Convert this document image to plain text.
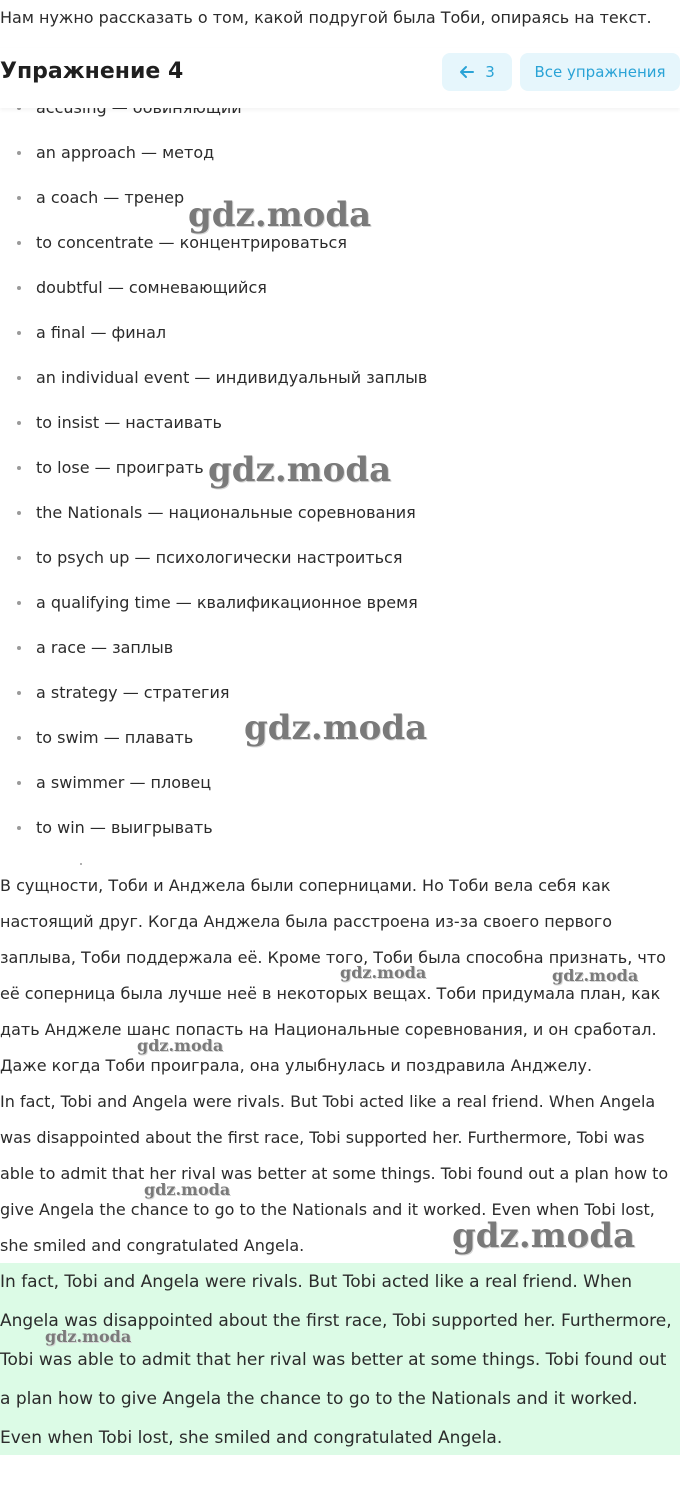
Нам нужно рассказать о том, какой подругой была Тоби, опираясь на текст.
Упражнение 4	3	Все упражнения
an approach — метод
a coach — тренер
to concentrate — концентрироваться
doubtful — сомневающийся
a final — финал
an individual event — индивидуальный заплыв
to insist — настаивать
to lose — проиграть
the Nationals — национальные соревнования
to psych up — психологически настроиться
a qualifying time — квалификационное время
a race — заплыв
a strategy — стратегия
to swim — плавать
a swimmer — пловец
to win — выигрывать

В сущности, Тоби и Анджела были соперницами. Но Тоби вела себя как настоящий друг. Когда Анджела была расстроена из-за своего первого заплыва, Тоби поддержала её. Кроме того, Тоби была способна признать, что её соперница была лучше неё в некоторых вещах. Тоби придумала план, как дать Анджеле шанс попасть на Национальные соревнования, и он сработал. Даже когда Тоби проиграла, она улыбнулась и поздравила Анджелу.

In fact, Tobi and Angela were rivals. But Tobi acted like a real friend. When Angela was disappointed about the first race, Tobi supported her. Furthermore, Tobi was able to admit that her rival was better at some things. Tobi found out a plan how to give Angela the chance to go to the Nationals and it worked. Even when Tobi lost, she smiled and congratulated Angela.

In fact, Tobi and Angela were rivals. But Tobi acted like a real friend. When Angela was disappointed about the first race, Tobi supported her. Furthermore, Tobi was able to admit that her rival was better at some things. Tobi found out a plan how to give Angela the chance to go to the Nationals and it worked. Even when Tobi lost, she smiled and congratulated Angela.

gdz.moda
gdz.moda
gdz.moda
gdz.moda	gdz.moda
gdz.moda
gdz.moda
gdz.moda
gdz.moda
